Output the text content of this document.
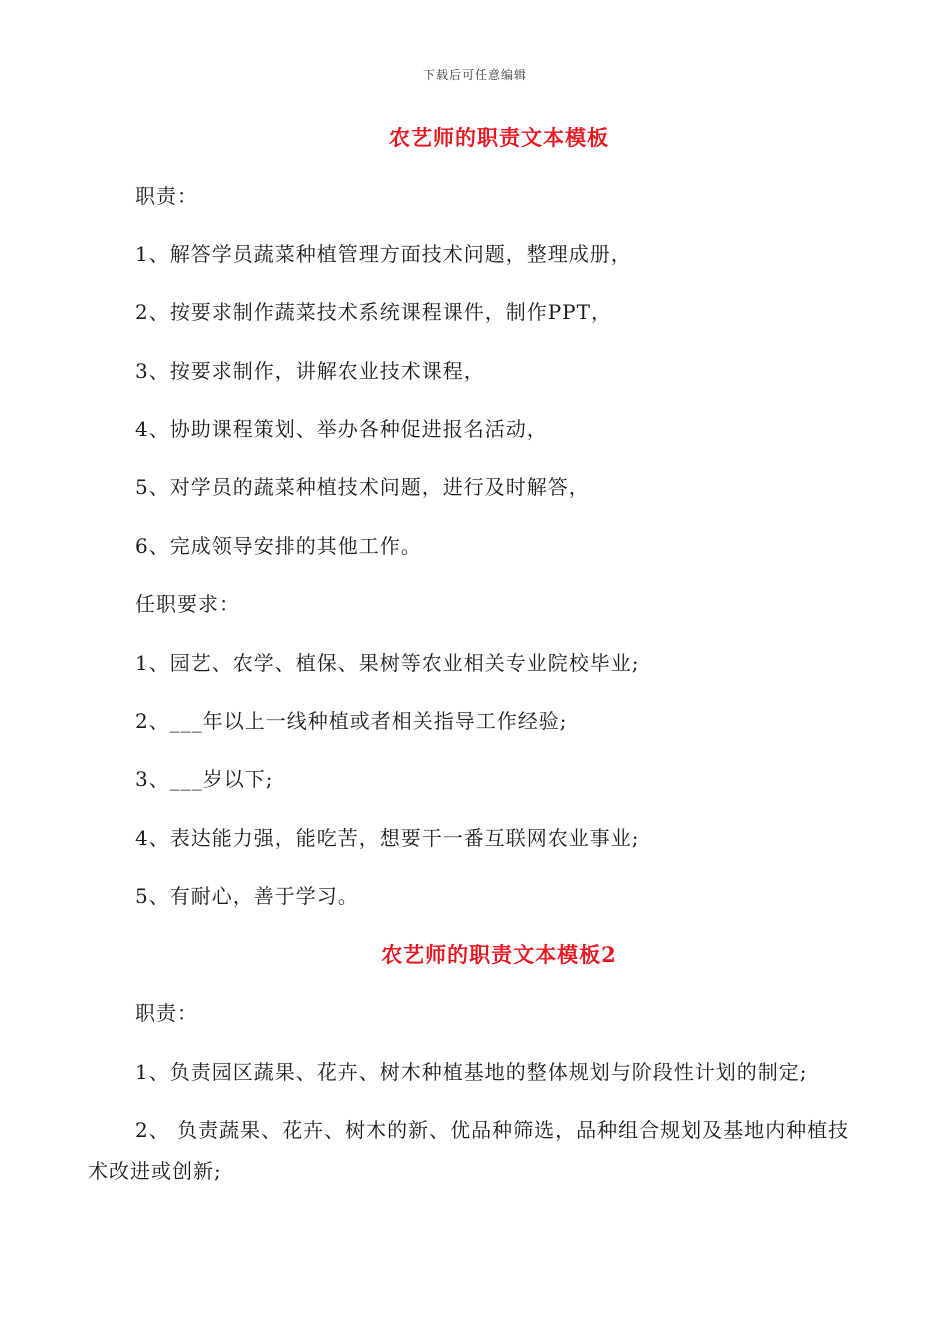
下载后可任意编辑
农艺师的职责文本模板
职责：
1、解答学员蔬菜种植管理方面技术问题，整理成册，
2、按要求制作蔬菜技术系统课程课件，制作PPT，
3、按要求制作，讲解农业技术课程，
4、协助课程策划、举办各种促进报名活动，
5、对学员的蔬菜种植技术问题，进行及时解答，
6、完成领导安排的其他工作。
任职要求：
1、园艺、农学、植保、果树等农业相关专业院校毕业;
2、___年以上一线种植或者相关指导工作经验;
3、___岁以下;
4、表达能力强，能吃苦，想要干一番互联网农业事业;
5、有耐心，善于学习。
农艺师的职责文本模板2
职责：
1、负责园区蔬果、花卉、树木种植基地的整体规划与阶段性计划的制定;
2、 负责蔬果、花卉、树木的新、优品种筛选，品种组合规划及基地内种植技术改进或创新;
